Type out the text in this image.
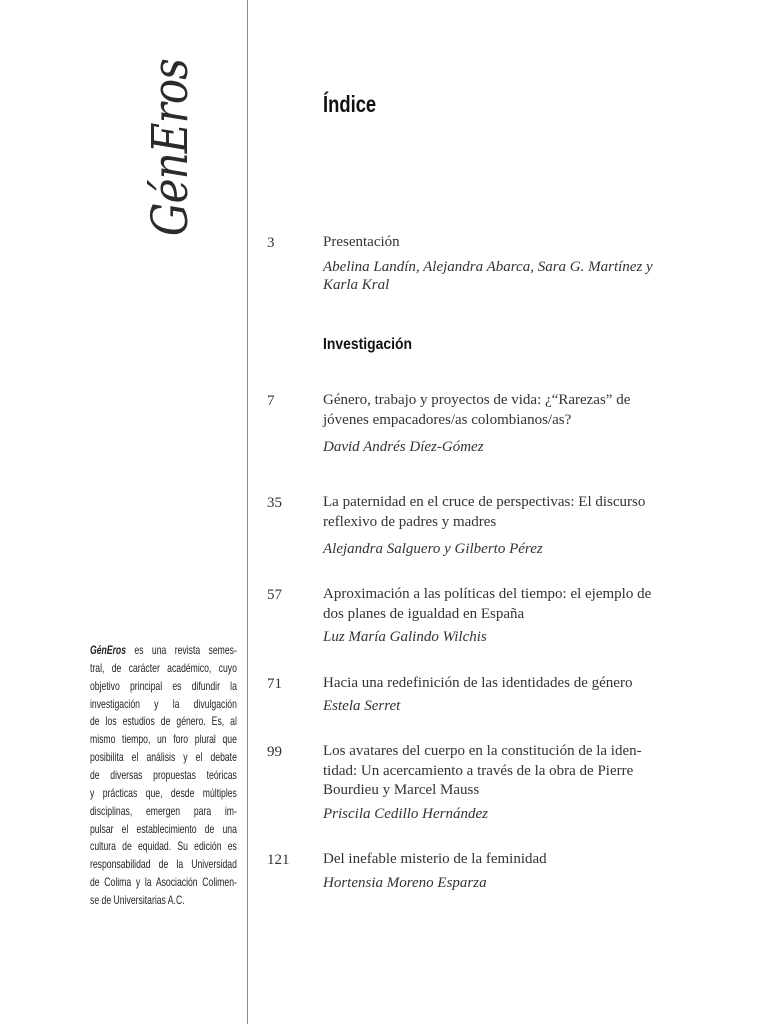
GénEros
GénEros es una revista semes-
tral, de carácter académico, cuyo
objetivo principal es difundir la
investigación y la divulgación
de los estudios de género. Es, al
mismo tiempo, un foro plural que
posibilita el análisis y el debate
de diversas propuestas teóricas
y prácticas que, desde múltiples
disciplinas, emergen para im-
pulsar el establecimiento de una
cultura de equidad. Su edición es
responsabilidad de la Universidad
de Colima y la Asociación Colimen-
se de Universitarias A.C.
Índice
3	Presentación
Abelina Landín, Alejandra Abarca, Sara G. Martínez y
Karla Kral
Investigación
7	Género, trabajo y proyectos de vida: ¿“Rarezas” de
jóvenes empacadores/as colombianos/as?
David Andrés Díez-Gómez
35	La paternidad en el cruce de perspectivas: El discurso
reflexivo de padres y madres
Alejandra Salguero y Gilberto Pérez
57	Aproximación a las políticas del tiempo: el ejemplo de
dos planes de igualdad en España
Luz María Galindo Wilchis
71	Hacia una redefinición de las identidades de género
Estela Serret
99	Los avatares del cuerpo en la constitución de la iden-
tidad: Un acercamiento a través de la obra de Pierre
Bourdieu y Marcel Mauss
Priscila Cedillo Hernández
121 Del inefable misterio de la feminidad
Hortensia Moreno Esparza
